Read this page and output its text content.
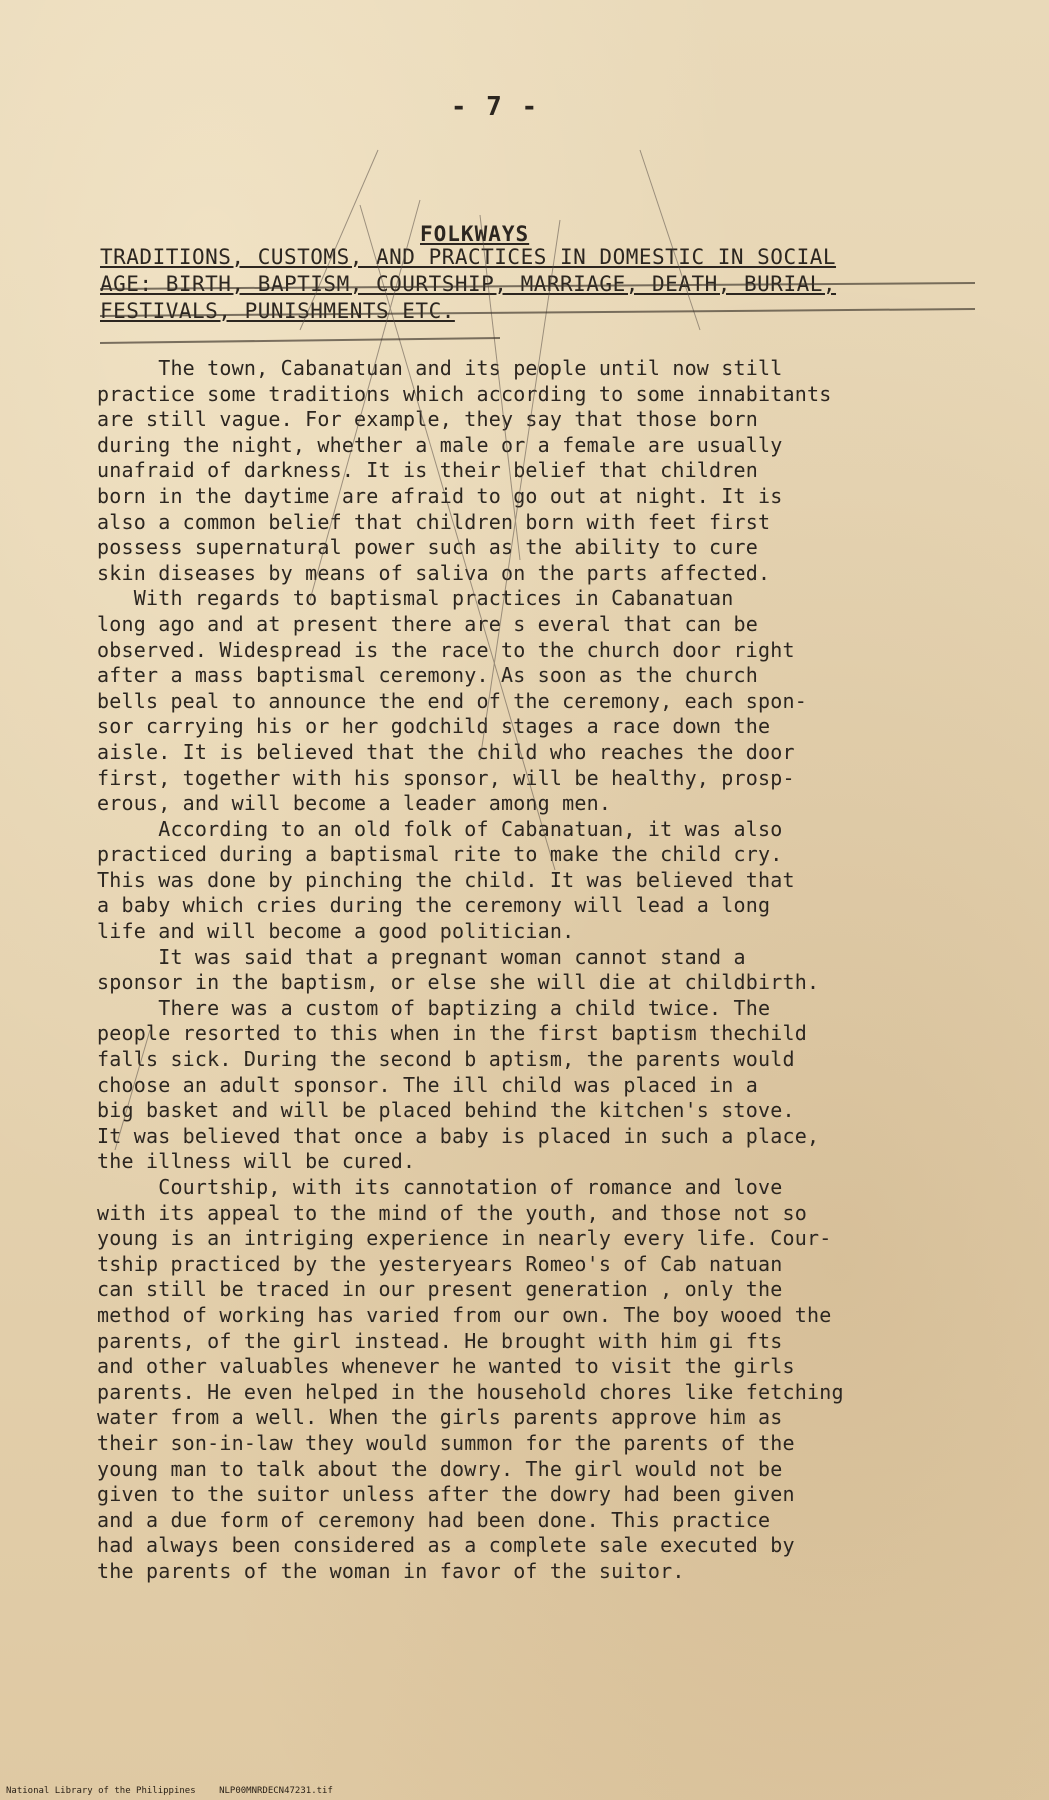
- 7 -
FOLKWAYS
TRADITIONS, CUSTOMS, AND PRACTICES IN DOMESTIC IN SOCIAL
AGE: BIRTH, BAPTISM, COURTSHIP, MARRIAGE, DEATH, BURIAL,
FESTIVALS, PUNISHMENTS ETC.
The town, Cabanatuan and its people until now still
practice some traditions which according to some innabitants
are still vague. For example, they say that those born
during the night, whether a male or a female are usually
unafraid of darkness. It is their belief that children
born in the daytime are afraid to go out at night. It is
also a common belief that children born with feet first
possess supernatural power such as the ability to cure
skin diseases by means of saliva on the parts affected.
With regards to baptismal practices in Cabanatuan
long ago and at present there are s everal that can be
observed. Widespread is the race to the church door right
after a mass baptismal ceremony. As soon as the church
bells peal to announce the end of the ceremony, each spon-
sor carrying his or her godchild stages a race down the
aisle. It is believed that the child who reaches the door
first, together with his sponsor, will be healthy, prosp-
erous, and will become a leader among men.
According to an old folk of Cabanatuan, it was also
practiced during a baptismal rite to make the child cry.
This was done by pinching the child. It was believed that
a baby which cries during the ceremony will lead a long
life and will become a good politician.
It was said that a pregnant woman cannot stand a
sponsor in the baptism, or else she will die at childbirth.
There was a custom of baptizing a child twice. The
people resorted to this when in the first baptism thechild
falls sick. During the second b aptism, the parents would
choose an adult sponsor. The ill child was placed in a
big basket and will be placed behind the kitchen's stove.
It was believed that once a baby is placed in such a place,
the illness will be cured.
Courtship, with its cannotation of romance and love
with its appeal to the mind of the youth, and those not so
young is an intriging experience in nearly every life. Cour-
tship practiced by the yesteryears Romeo's of Cab natuan
can still be traced in our present generation , only the
method of working has varied from our own. The boy wooed the
parents, of the girl instead. He brought with him gi fts
and other valuables whenever he wanted to visit the girls
parents. He even helped in the household chores like fetching
water from a well. When the girls parents approve him as
their son-in-law they would summon for the parents of the
young man to talk about the dowry. The girl would not be
given to the suitor unless after the dowry had been given
and a due form of ceremony had been done. This practice
had always been considered as a complete sale executed by
the parents of the woman in favor of the suitor.
National Library of the Philippines	NLP00MNRDECN47231.tif
